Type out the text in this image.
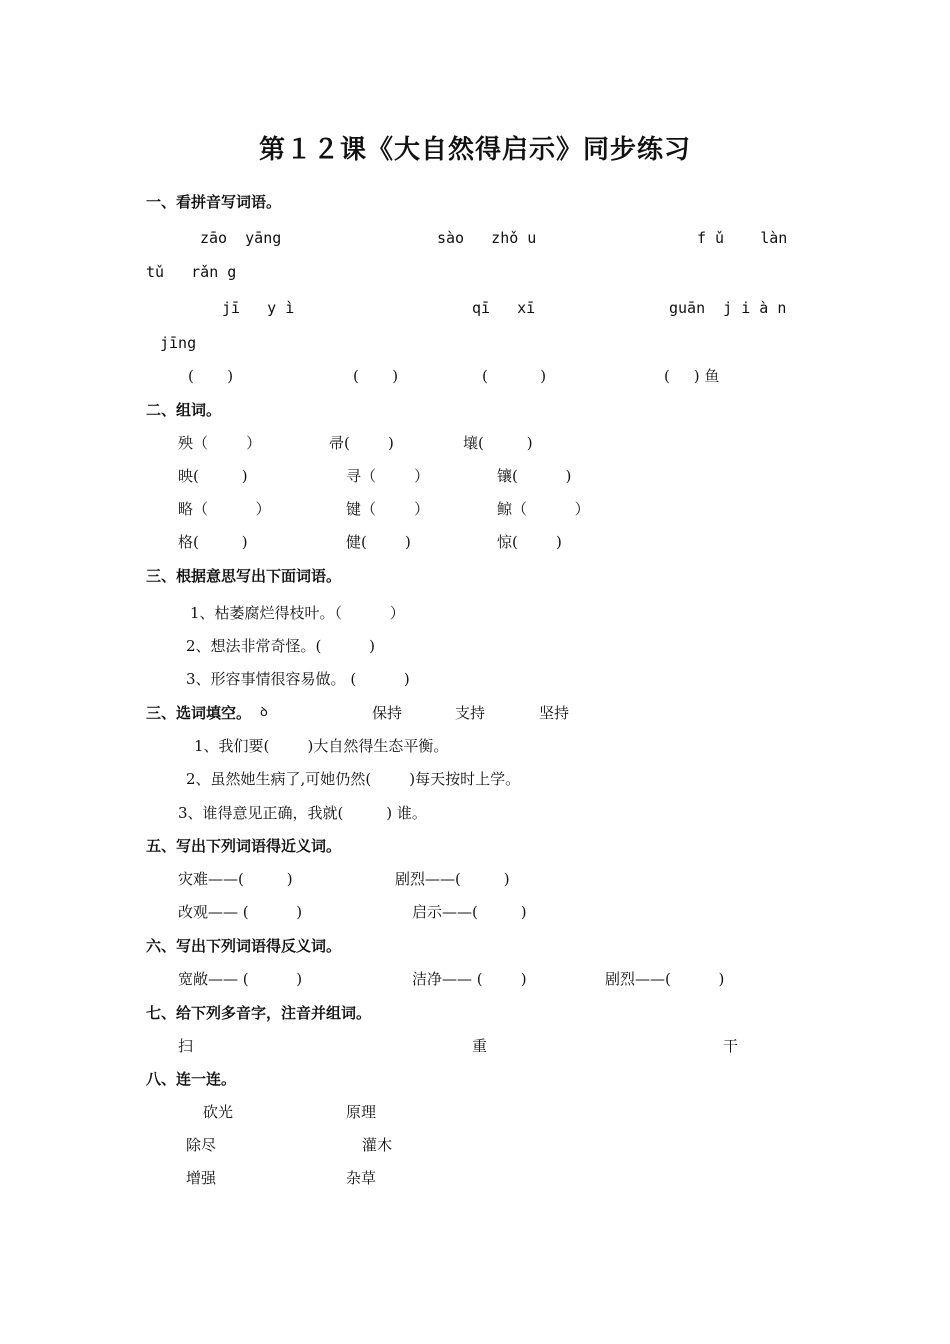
第１２课《大自然得启示》同步练习
一、看拼音写词语。
zāo  yāng	sào   zhǒ u	f ǔ    làn
tǔ   rǎn g
jī   y ì	qī   xī	guān  j i à n
jīng
(       )	(       )	(           )	(     ) 鱼
二、组词。
殃（        ）	帚(        )	壤(         )
映(         )	寻（        ）	镶(          )
略（          ）	键（        ）	鲸（          ）
格(         )	健(        )	惊(        )
三、根据意思写出下面词语。
1、枯萎腐烂得枝叶。（          ）
2、想法非常奇怪。(          )
3、形容事情很容易做。 (          )
三、选词填空。 ꝺ	保持	支持	坚持
1、我们要(        )大自然得生态平衡。
2、虽然她生病了,可她仍然(        )每天按时上学。
3、谁得意见正确，我就(         ) 谁。
五、写出下列词语得近义词。
灾难——(         )	剧烈——(         )
改观—— (          )	启示——(         )
六、写出下列词语得反义词。
宽敞—— (          )	洁净—— (        )	剧烈——(          )
七、给下列多音字，注音并组词。
扫	重	干
八、连一连。
砍光	原理
除尽	灌木
增强	杂草
